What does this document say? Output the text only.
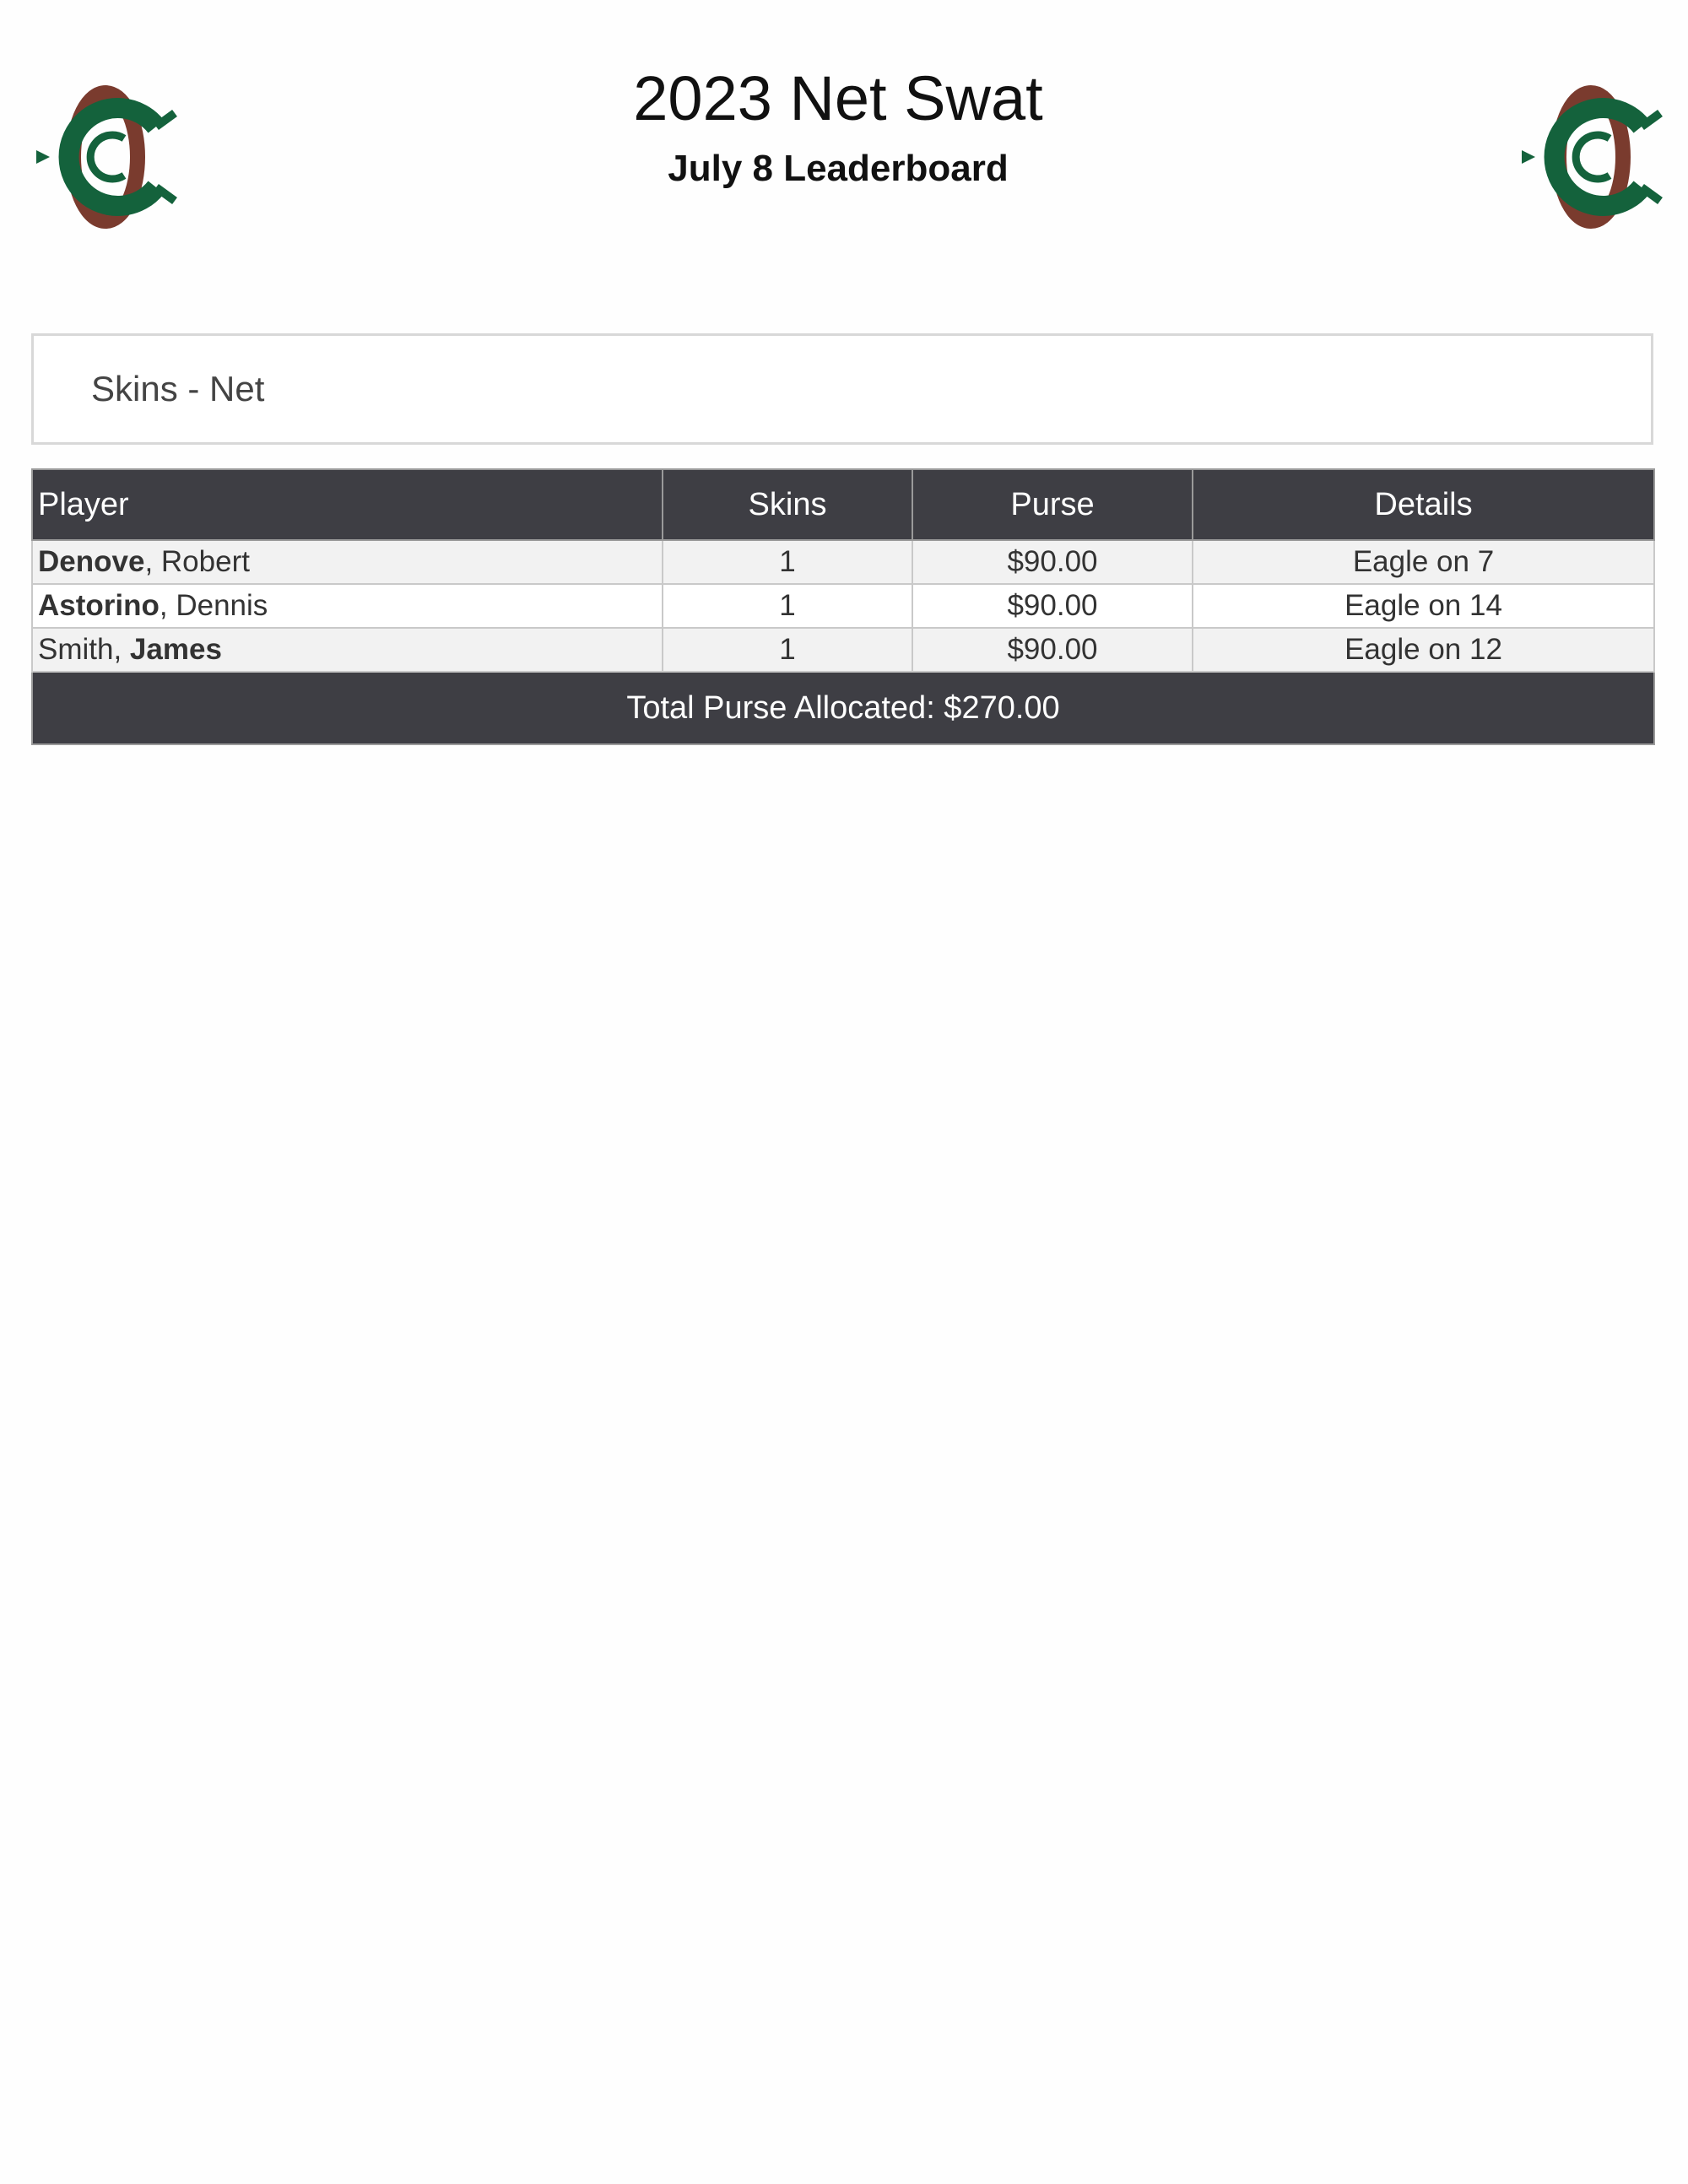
2023 Net Swat
July 8 Leaderboard
Skins - Net
Player	Skins	Purse	Details
Denove, Robert	1	$90.00	Eagle on 7
Astorino, Dennis	1	$90.00	Eagle on 14
Smith, James	1	$90.00	Eagle on 12
Total Purse Allocated: $270.00			
